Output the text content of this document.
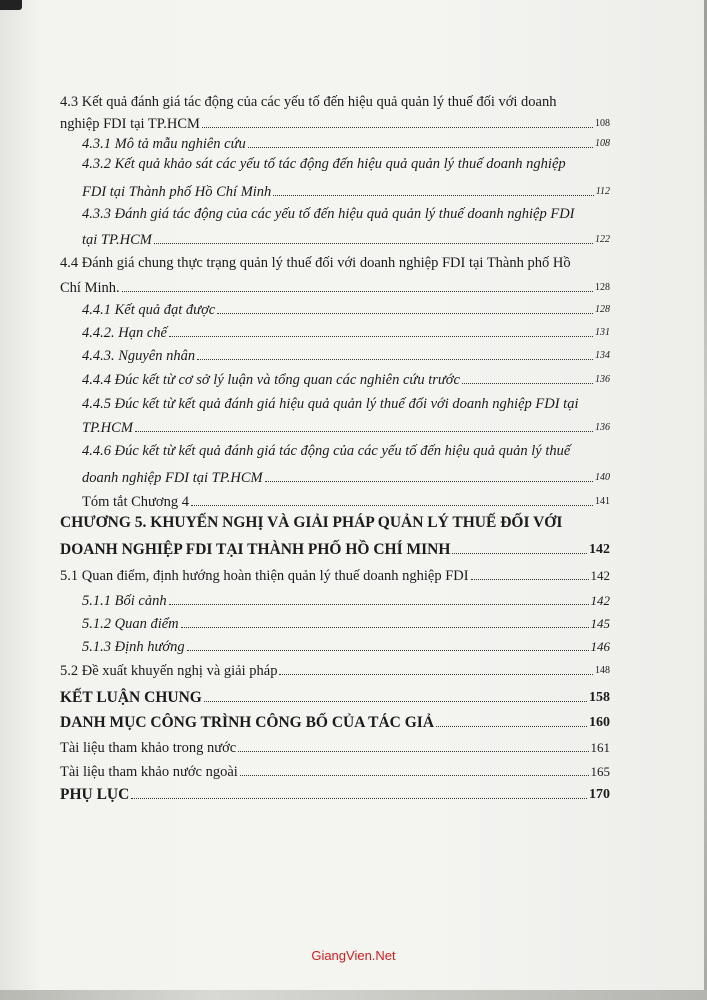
4.3 Kết quả đánh giá tác động của các yếu tố đến hiệu quả quản lý thuế đối với doanh
nghiệp FDI tại TP.HCM	108
4.3.1 Mô tả mẫu nghiên cứu	108
4.3.2 Kết quả khảo sát các yếu tố tác động đến hiệu quả quản lý thuế doanh nghiệp
FDI tại Thành phố Hồ Chí Minh	112
4.3.3 Đánh giá tác động của các yếu tố đến hiệu quả quản lý thuế doanh nghiệp FDI
tại TP.HCM	122
4.4 Đánh giá chung thực trạng quản lý thuế đối với doanh nghiệp FDI tại Thành phố Hồ
Chí Minh.	128
4.4.1 Kết quả đạt được	128
4.4.2. Hạn chế	131
4.4.3. Nguyên nhân	134
4.4.4 Đúc kết từ cơ sở lý luận và tổng quan các nghiên cứu trước	136
4.4.5 Đúc kết từ kết quả đánh giá hiệu quả quản lý thuế đối với doanh nghiệp FDI tại
TP.HCM	136
4.4.6 Đúc kết từ kết quả đánh giá tác động của các yếu tố đến hiệu quả quản lý thuế
doanh nghiệp FDI tại TP.HCM	140
Tóm tắt Chương 4	141
CHƯƠNG 5. KHUYẾN NGHỊ VÀ GIẢI PHÁP QUẢN LÝ THUẾ ĐỐI VỚI
DOANH NGHIỆP FDI TẠI THÀNH PHỐ HỒ CHÍ MINH	142
5.1 Quan điểm, định hướng hoàn thiện quản lý thuế doanh nghiệp FDI	142
5.1.1 Bối cảnh	142
5.1.2 Quan điểm	145
5.1.3 Định hướng	146
5.2 Đề xuất khuyến nghị và giải pháp	148
KẾT LUẬN CHUNG	158
DANH MỤC CÔNG TRÌNH CÔNG BỐ CỦA TÁC GIẢ	160
Tài liệu tham khảo trong nước	161
Tài liệu tham khảo nước ngoài	165
PHỤ LỤC	170
GiangVien.Net
